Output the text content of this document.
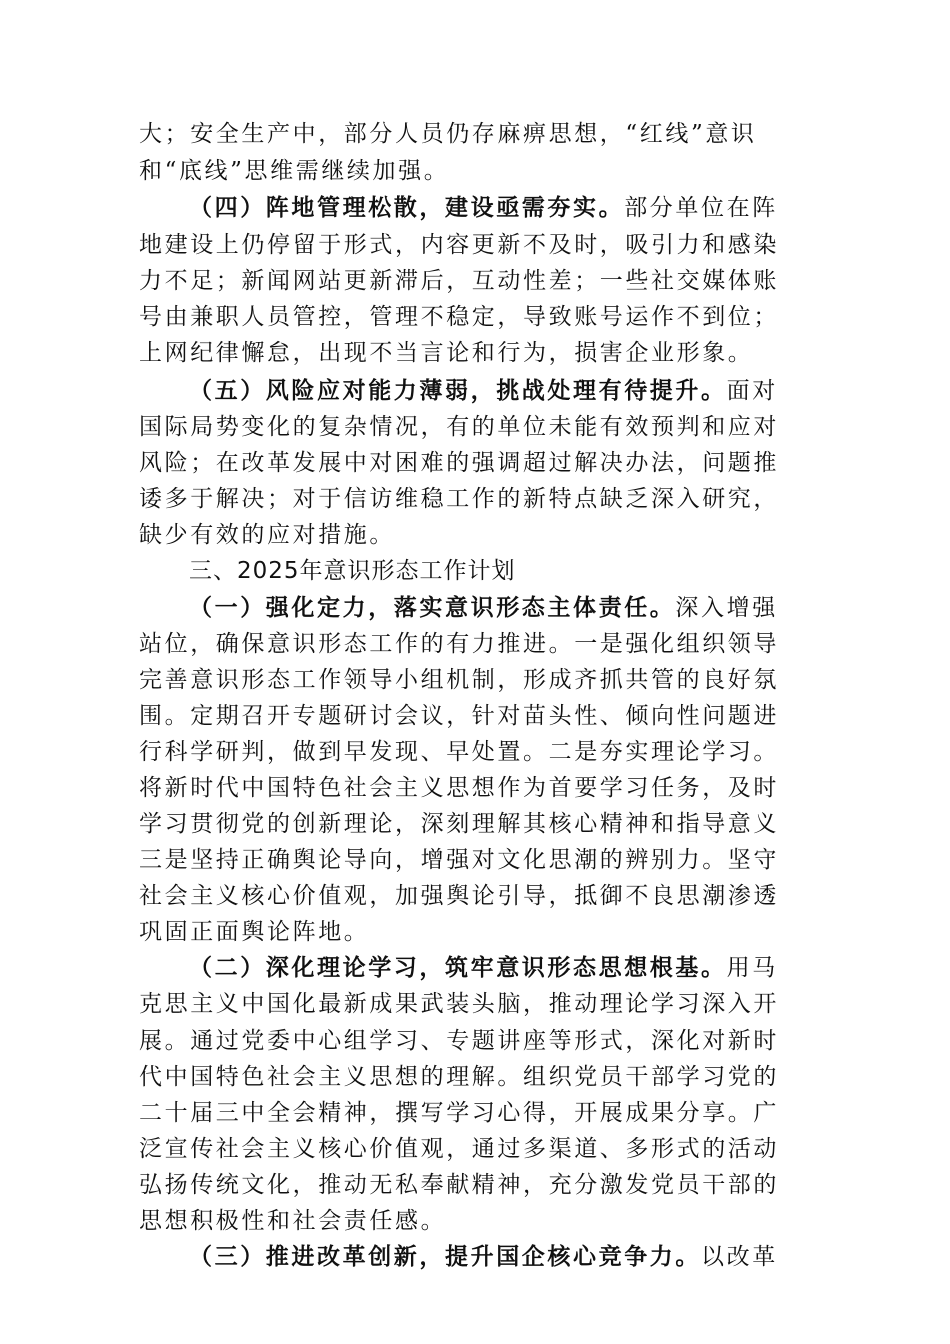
大；安全生产中，部分人员仍存麻痹思想，“红线”意识
和“底线”思维需继续加强。
（四）阵地管理松散，建设亟需夯实。部分单位在阵
地建设上仍停留于形式，内容更新不及时，吸引力和感染
力不足；新闻网站更新滞后，互动性差；一些社交媒体账
号由兼职人员管控，管理不稳定，导致账号运作不到位；
上网纪律懈怠，出现不当言论和行为，损害企业形象。
（五）风险应对能力薄弱，挑战处理有待提升。面对
国际局势变化的复杂情况，有的单位未能有效预判和应对
风险；在改革发展中对困难的强调超过解决办法，问题推
诿多于解决；对于信访维稳工作的新特点缺乏深入研究，
缺少有效的应对措施。
三、2025年意识形态工作计划
（一）强化定力，落实意识形态主体责任。深入增强
站位，确保意识形态工作的有力推进。一是强化组织领导
完善意识形态工作领导小组机制，形成齐抓共管的良好氛
围。定期召开专题研讨会议，针对苗头性、倾向性问题进
行科学研判，做到早发现、早处置。二是夯实理论学习。
将新时代中国特色社会主义思想作为首要学习任务，及时
学习贯彻党的创新理论，深刻理解其核心精神和指导意义
三是坚持正确舆论导向，增强对文化思潮的辨别力。坚守
社会主义核心价值观，加强舆论引导，抵御不良思潮渗透
巩固正面舆论阵地。
（二）深化理论学习，筑牢意识形态思想根基。用马
克思主义中国化最新成果武装头脑，推动理论学习深入开
展。通过党委中心组学习、专题讲座等形式，深化对新时
代中国特色社会主义思想的理解。组织党员干部学习党的
二十届三中全会精神，撰写学习心得，开展成果分享。广
泛宣传社会主义核心价值观，通过多渠道、多形式的活动
弘扬传统文化，推动无私奉献精神，充分激发党员干部的
思想积极性和社会责任感。
（三）推进改革创新，提升国企核心竞争力。以改革
